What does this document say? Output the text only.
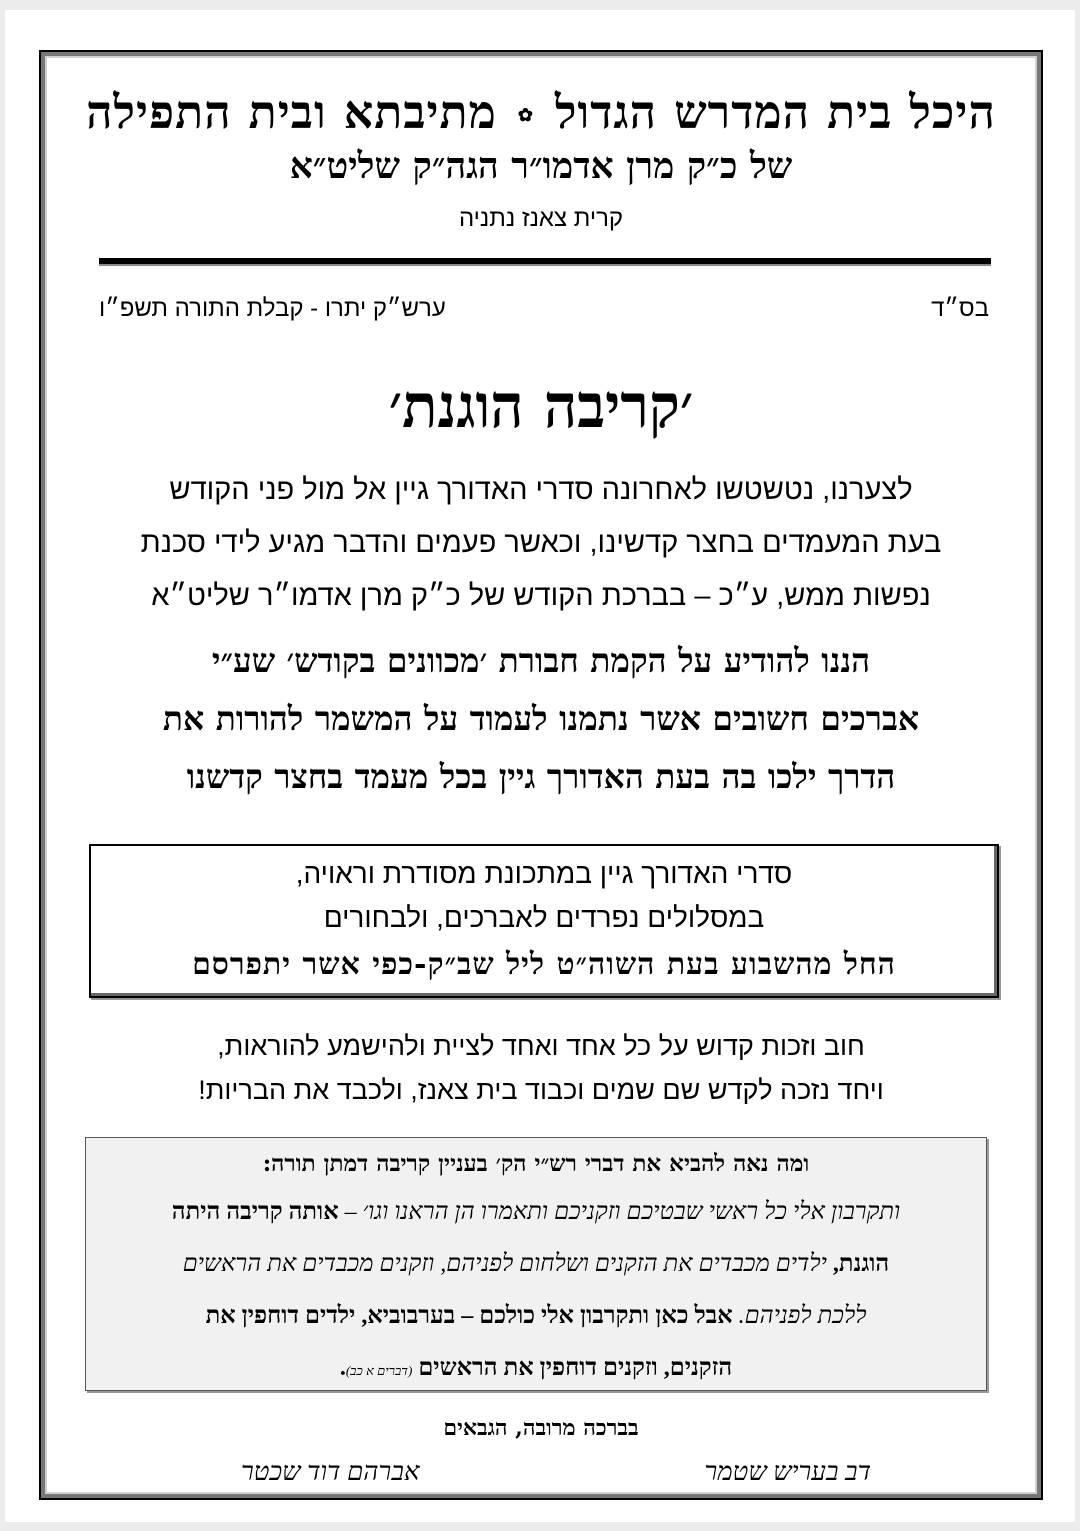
היכל בית המדרש הגדול ✿ מתיבתא ובית התפילה
של כ״ק מרן אדמו״ר הגה״ק שליט״א
קרית צאנז נתניה
בס״ד
ערש״ק יתרו - קבלת התורה תשפ״ו
׳קריבה הוגנת׳
לצערנו, נטשטשו לאחרונה סדרי האדורך גיין אל מול פני הקודש
בעת המעמדים בחצר קדשינו, וכאשר פעמים והדבר מגיע לידי סכנת
נפשות ממש, ע״כ – בברכת הקודש של כ״ק מרן אדמו״ר שליט״א
הננו להודיע על הקמת חבורת ׳מכוונים בקודש׳ שע״י
אברכים חשובים אשר נתמנו לעמוד על המשמר להורות את
הדרך ילכו בה בעת האדורך גיין בכל מעמד בחצר קדשנו
סדרי האדורך גיין במתכונת מסודרת וראויה,
במסלולים נפרדים לאברכים, ולבחורים
החל מהשבוע בעת השוה״ט ליל שב״ק-כפי אשר יתפרסם
חוב וזכות קדוש על כל אחד ואחד לציית ולהישמע להוראות,
ויחד נזכה לקדש שם שמים וכבוד בית צאנז, ולכבד את הבריות!
ומה נאה להביא את דברי רש״י הק׳ בעניין קריבה דמתן תורה:
ותקרבון אלי כל ראשי שבטיכם וזקניכם ותאמרו הן הראנו וגו׳ – אותה קריבה היתה
הוגנת, ילדים מכבדים את הזקנים ושלחום לפניהם, וזקנים מכבדים את הראשים
ללכת לפניהם. אבל כאן ותקרבון אלי כולכם – בערבוביא, ילדים דוחפין את
הזקנים, וזקנים דוחפין את הראשים (דברים א כב).
בברכה מרובה, הגבאים
דב בעריש שטמר
אברהם דוד שכטר
